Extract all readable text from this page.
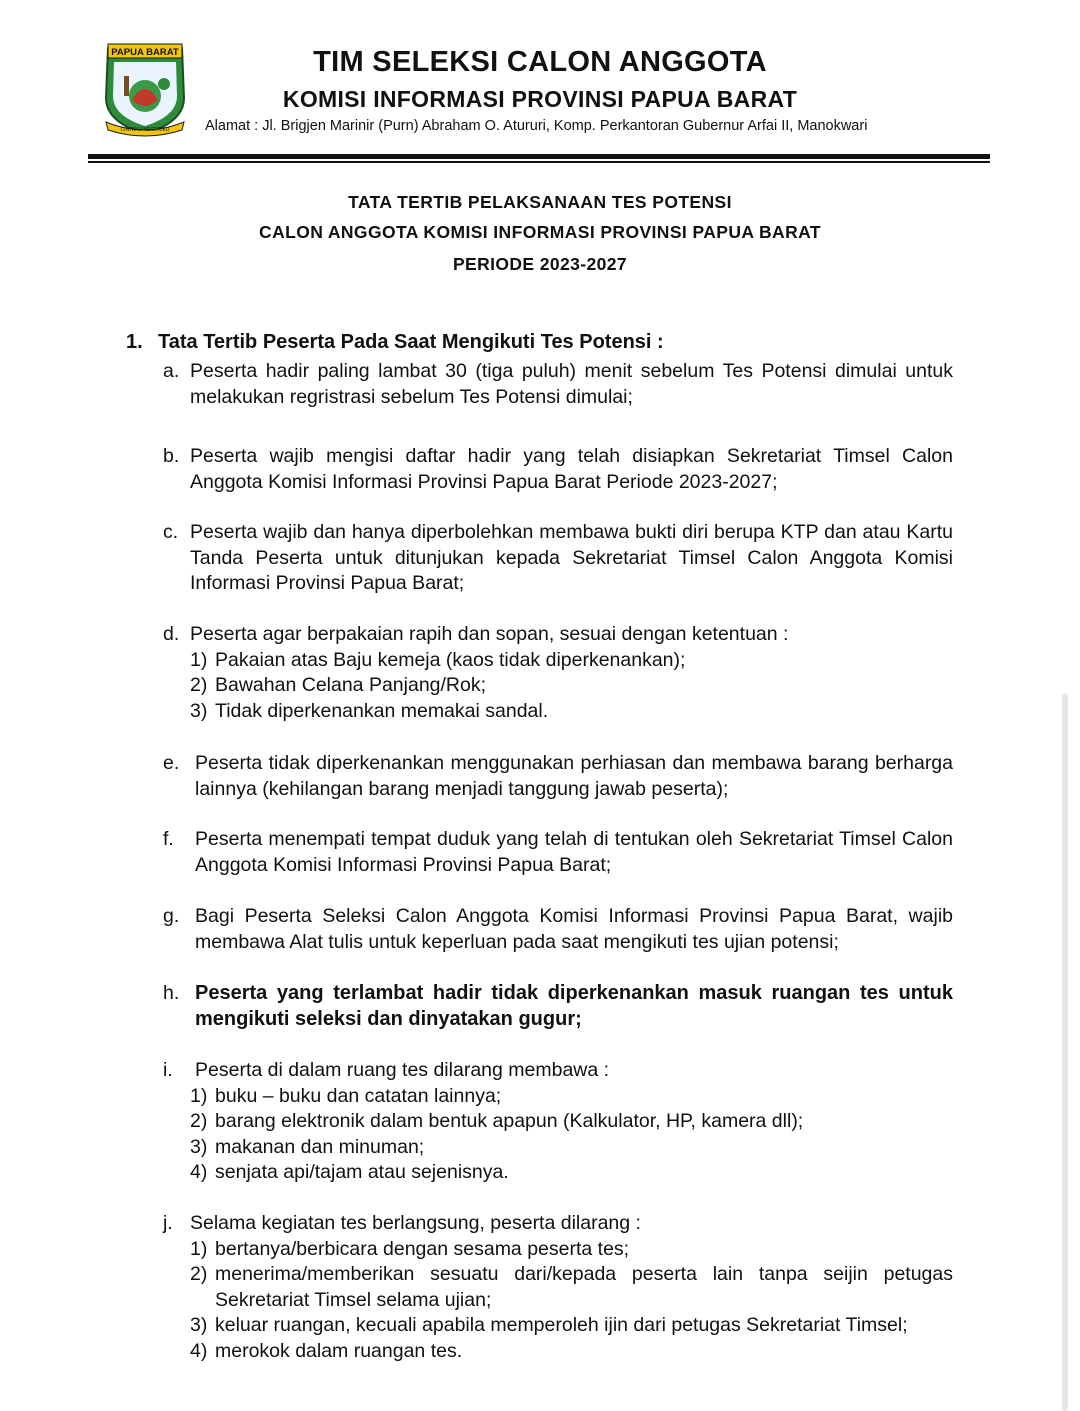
PAPUA BARAT
CINTAKU NEGERIKU
TIM SELEKSI CALON ANGGOTA
KOMISI INFORMASI PROVINSI PAPUA BARAT
Alamat : Jl. Brigjen Marinir (Purn) Abraham O. Atururi, Komp. Perkantoran Gubernur Arfai II, Manokwari
TATA TERTIB PELAKSANAAN TES POTENSI
CALON ANGGOTA KOMISI INFORMASI PROVINSI PAPUA BARAT
PERIODE 2023-2027
1. Tata Tertib Peserta Pada Saat Mengikuti Tes Potensi :
a. Peserta hadir paling lambat 30 (tiga puluh) menit sebelum Tes Potensi dimulai untuk melakukan regristrasi sebelum Tes Potensi dimulai;
b. Peserta wajib mengisi daftar hadir yang telah disiapkan Sekretariat Timsel Calon Anggota Komisi Informasi Provinsi Papua Barat Periode 2023-2027;
c. Peserta wajib dan hanya diperbolehkan membawa bukti diri berupa KTP dan atau Kartu Tanda Peserta untuk ditunjukan kepada Sekretariat Timsel Calon Anggota Komisi Informasi Provinsi Papua Barat;
d. Peserta agar berpakaian rapih dan sopan, sesuai dengan ketentuan :
1) Pakaian atas Baju kemeja (kaos tidak diperkenankan);
2) Bawahan Celana Panjang/Rok;
3) Tidak diperkenankan memakai sandal.
e. Peserta tidak diperkenankan menggunakan perhiasan dan membawa barang berharga lainnya (kehilangan barang menjadi tanggung jawab peserta);
f. Peserta menempati tempat duduk yang telah di tentukan oleh Sekretariat Timsel Calon Anggota Komisi Informasi Provinsi Papua Barat;
g. Bagi Peserta Seleksi Calon Anggota Komisi Informasi Provinsi Papua Barat, wajib membawa Alat tulis untuk keperluan pada saat mengikuti tes ujian potensi;
h. Peserta yang terlambat hadir tidak diperkenankan masuk ruangan tes untuk mengikuti seleksi dan dinyatakan gugur;
i. Peserta di dalam ruang tes dilarang membawa :
1) buku – buku dan catatan lainnya;
2) barang elektronik dalam bentuk apapun (Kalkulator, HP, kamera dll);
3) makanan dan minuman;
4) senjata api/tajam atau sejenisnya.
j. Selama kegiatan tes berlangsung, peserta dilarang :
1) bertanya/berbicara dengan sesama peserta tes;
2) menerima/memberikan sesuatu dari/kepada peserta lain tanpa seijin petugas Sekretariat Timsel selama ujian;
3) keluar ruangan, kecuali apabila memperoleh ijin dari petugas Sekretariat Timsel;
4) merokok dalam ruangan tes.
